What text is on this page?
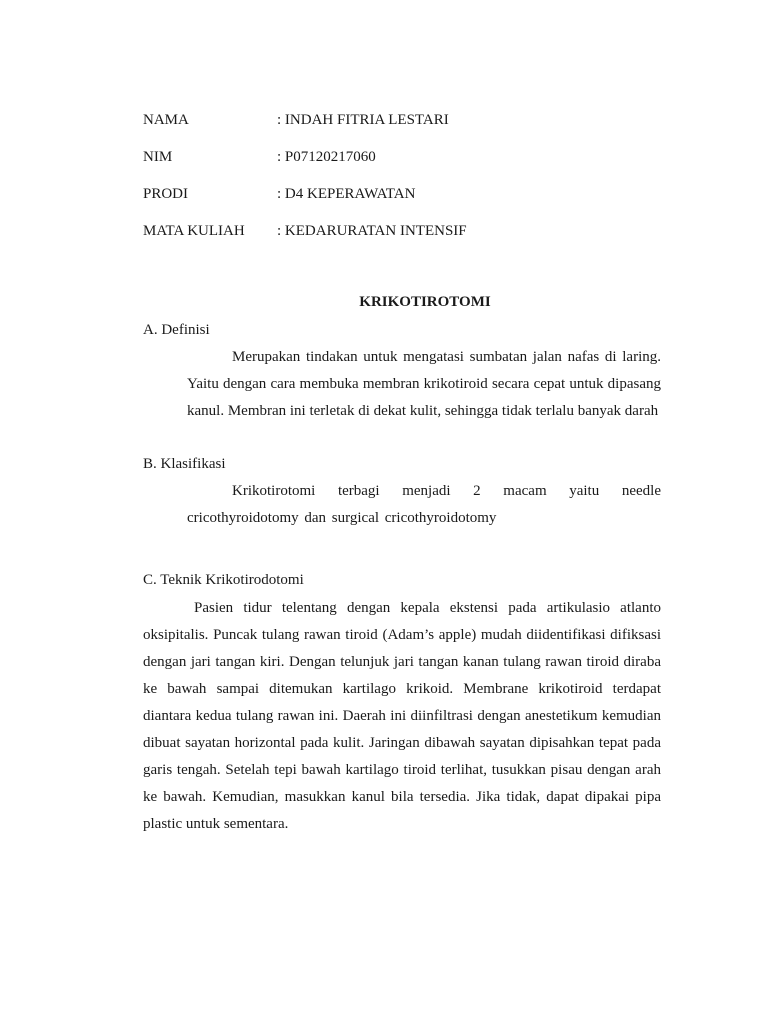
NAMA	: INDAH FITRIA LESTARI
NIM	: P07120217060
PRODI	: D4 KEPERAWATAN
MATA KULIAH : KEDARURATAN INTENSIF
KRIKOTIROTOMI
A. Definisi
Merupakan tindakan untuk mengatasi sumbatan jalan nafas di laring. Yaitu dengan cara membuka membran krikotiroid secara cepat untuk dipasang kanul. Membran ini terletak di dekat kulit, sehingga tidak terlalu banyak darah
B. Klasifikasi
Krikotirotomi terbagi menjadi 2 macam yaitu needle cricothyroidotomy dan surgical cricothyroidotomy
C. Teknik Krikotirodotomi
Pasien tidur telentang dengan kepala ekstensi pada artikulasio atlanto oksipitalis. Puncak tulang rawan tiroid (Adam’s apple) mudah diidentifikasi difiksasi dengan jari tangan kiri. Dengan telunjuk jari tangan kanan tulang rawan tiroid diraba ke bawah sampai ditemukan kartilago krikoid. Membrane krikotiroid terdapat diantara kedua tulang rawan ini. Daerah ini diinfiltrasi dengan anestetikum kemudian dibuat sayatan horizontal pada kulit. Jaringan dibawah sayatan dipisahkan tepat pada garis tengah. Setelah tepi bawah kartilago tiroid terlihat, tusukkan pisau dengan arah ke bawah. Kemudian, masukkan kanul bila tersedia. Jika tidak, dapat dipakai pipa plastic untuk sementara.
